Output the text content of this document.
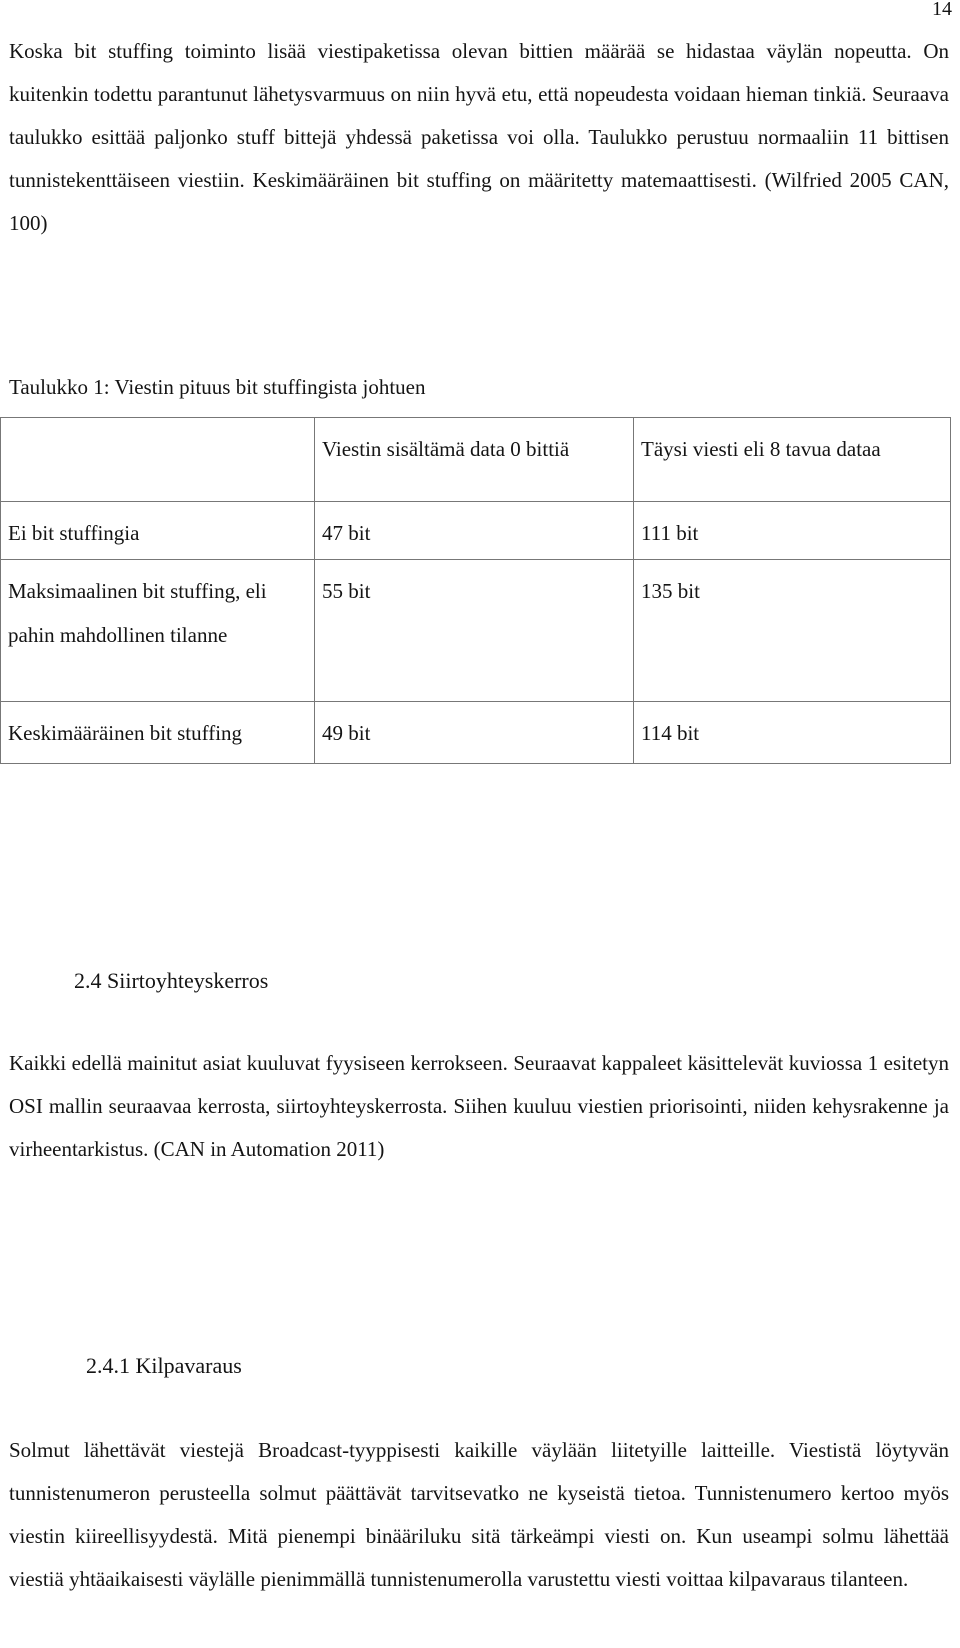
14

Koska bit stuffing toiminto lisää viestipaketissa olevan bittien määrää se hidastaa väylän nopeutta. On kuitenkin todettu parantunut lähetysvarmuus on niin hyvä etu, että nopeudesta voidaan hieman tinkiä. Seuraava taulukko esittää paljonko stuff bittejä yhdessä paketissa voi olla. Taulukko perustuu normaaliin 11 bittisen tunnistekenttäiseen viestiin. Keskimääräinen bit stuffing on määritetty matemaattisesti. (Wilfried 2005 CAN, 100)

Taulukko 1: Viestin pituus bit stuffingista johtuen

	Viestin sisältämä data 0 bittiä	Täysi viesti eli 8 tavua dataa
Ei bit stuffingia	47 bit	111 bit
Maksimaalinen bit stuffing, eli pahin mahdollinen tilanne	55 bit	135 bit
Keskimääräinen bit stuffing	49 bit	114 bit
2.4 Siirtoyhteyskerros

Kaikki edellä mainitut asiat kuuluvat fyysiseen kerrokseen. Seuraavat kappaleet käsittelevät kuviossa 1 esitetyn OSI mallin seuraavaa kerrosta, siirtoyhteyskerrosta. Siihen kuuluu viestien priorisointi, niiden kehysrakenne ja virheentarkistus. (CAN in Automation 2011)

2.4.1 Kilpavaraus

Solmut lähettävät viestejä Broadcast-tyyppisesti kaikille väylään liitetyille laitteille. Viestistä löytyvän tunnistenumeron perusteella solmut päättävät tarvitsevatko ne kyseistä tietoa. Tunnistenumero kertoo myös viestin kiireellisyydestä. Mitä pienempi binääriluku sitä tärkeämpi viesti on. Kun useampi solmu lähettää viestiä yhtäaikaisesti väylälle pienimmällä tunnistenumerolla varustettu viesti voittaa kilpavaraus tilanteen.
